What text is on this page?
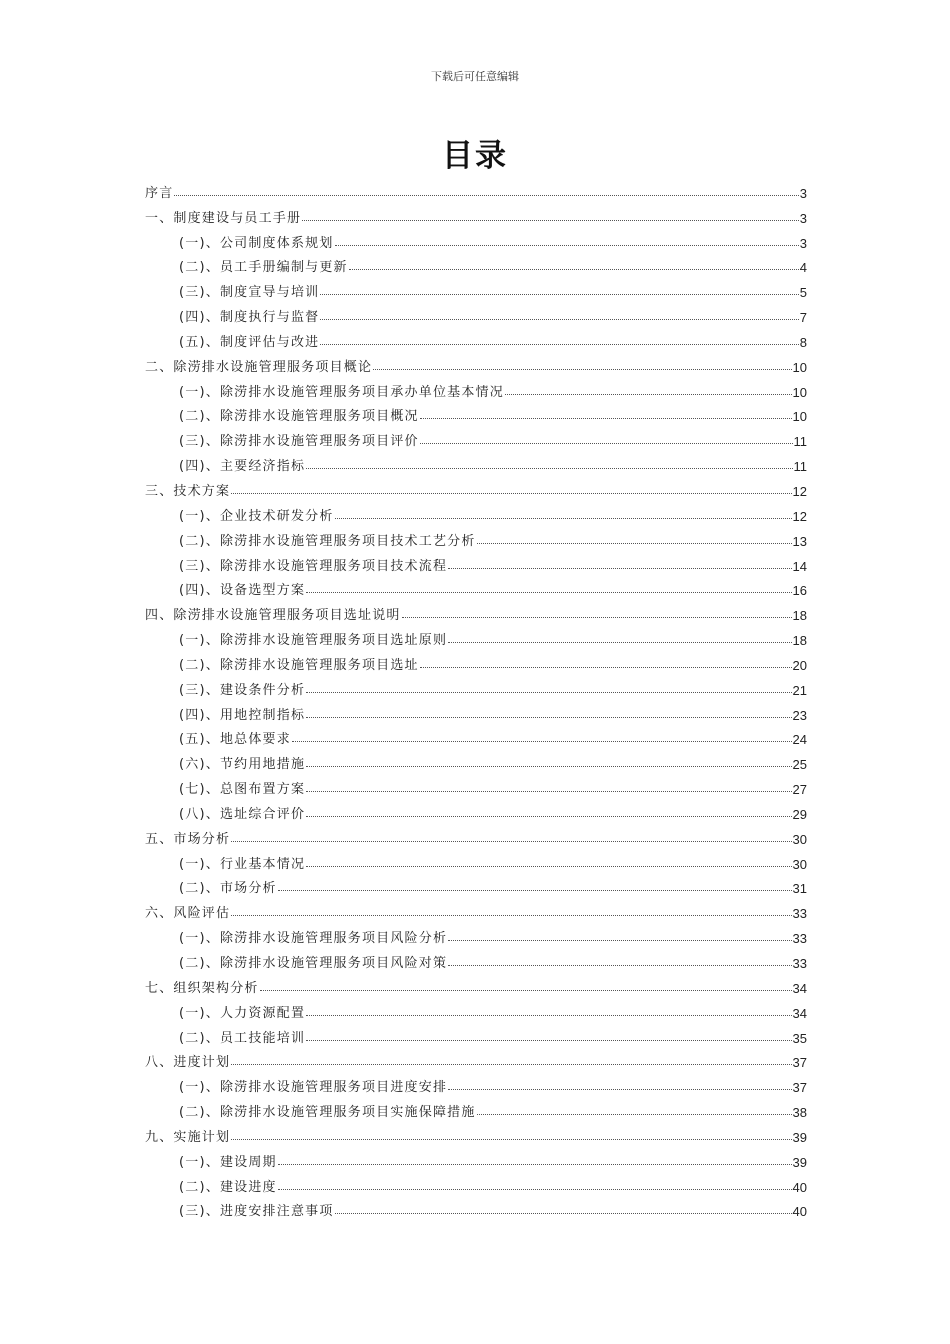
下载后可任意编辑
目录
序言	3
一、制度建设与员工手册	3
(一)、公司制度体系规划	3
(二)、员工手册编制与更新	4
(三)、制度宣导与培训	5
(四)、制度执行与监督	7
(五)、制度评估与改进	8
二、除涝排水设施管理服务项目概论	10
(一)、除涝排水设施管理服务项目承办单位基本情况	10
(二)、除涝排水设施管理服务项目概况	10
(三)、除涝排水设施管理服务项目评价	11
(四)、主要经济指标	11
三、技术方案	12
(一)、企业技术研发分析	12
(二)、除涝排水设施管理服务项目技术工艺分析	13
(三)、除涝排水设施管理服务项目技术流程	14
(四)、设备选型方案	16
四、除涝排水设施管理服务项目选址说明	18
(一)、除涝排水设施管理服务项目选址原则	18
(二)、除涝排水设施管理服务项目选址	20
(三)、建设条件分析	21
(四)、用地控制指标	23
(五)、地总体要求	24
(六)、节约用地措施	25
(七)、总图布置方案	27
(八)、选址综合评价	29
五、市场分析	30
(一)、行业基本情况	30
(二)、市场分析	31
六、风险评估	33
(一)、除涝排水设施管理服务项目风险分析	33
(二)、除涝排水设施管理服务项目风险对策	33
七、组织架构分析	34
(一)、人力资源配置	34
(二)、员工技能培训	35
八、进度计划	37
(一)、除涝排水设施管理服务项目进度安排	37
(二)、除涝排水设施管理服务项目实施保障措施	38
九、实施计划	39
(一)、建设周期	39
(二)、建设进度	40
(三)、进度安排注意事项	40
